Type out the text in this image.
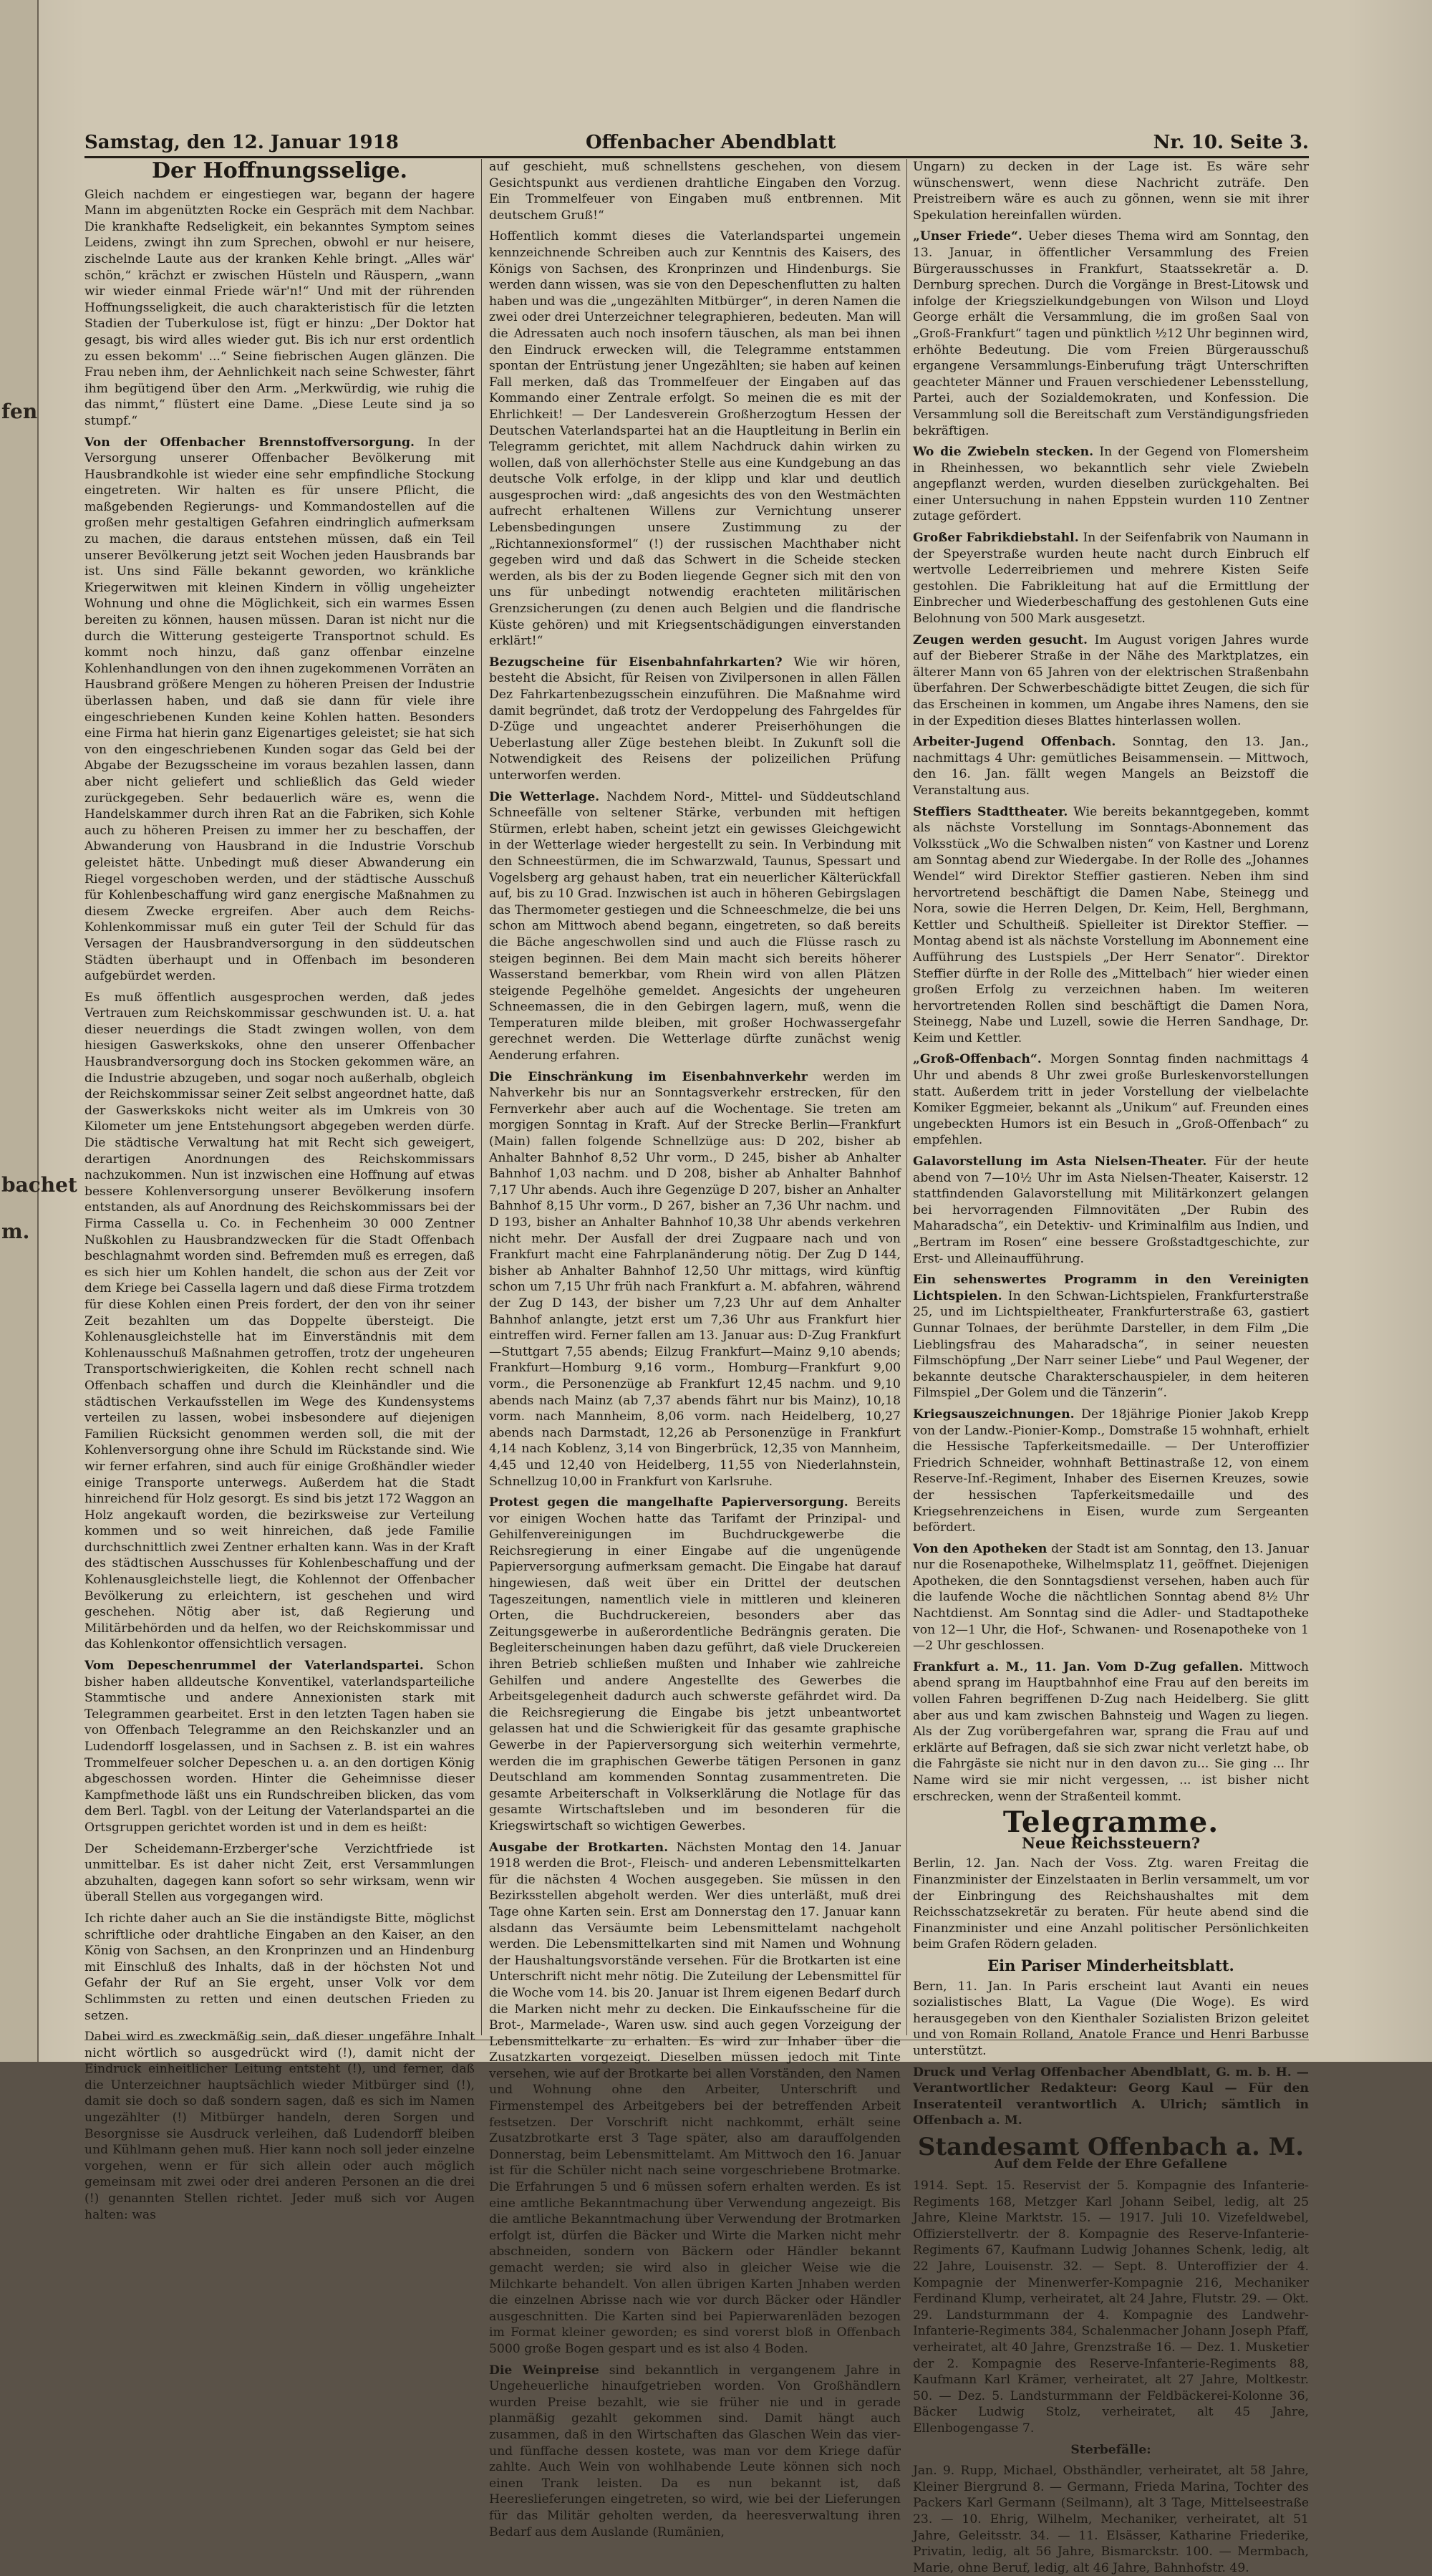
fen
bachet
m.
Samstag, den 12. Januar 1918	Offenbacher Abendblatt	Nr. 10. Seite 3.
Der Hoffnungsselige.

Gleich nachdem er eingestiegen war, begann der hagere Mann im abgenützten Rocke ein Gespräch mit dem Nachbar. Die krankhafte Redseligkeit, ein bekanntes Symptom seines Leidens, zwingt ihn zum Sprechen, obwohl er nur heisere, zischelnde Laute aus der kranken Kehle bringt. „Alles wär' schön,“ krächzt er zwischen Hüsteln und Räuspern, „wann wir wieder einmal Friede wär'n!“ Und mit der rührenden Hoffnungsseligkeit, die auch charakteristisch für die letzten Stadien der Tuberkulose ist, fügt er hinzu: „Der Doktor hat gesagt, bis wird alles wieder gut. Bis ich nur erst ordentlich zu essen bekomm' ...“ Seine fiebrischen Augen glänzen. Die Frau neben ihm, der Aehnlichkeit nach seine Schwester, fährt ihm begütigend über den Arm. „Merkwürdig, wie ruhig die das nimmt,“ flüstert eine Dame. „Diese Leute sind ja so stumpf.“

Von der Offenbacher Brennstoffversorgung. In der Versorgung unserer Offenbacher Bevölkerung mit Hausbrandkohle ist wieder eine sehr empfindliche Stockung eingetreten. Wir halten es für unsere Pflicht, die maßgebenden Regierungs- und Kommandostellen auf die großen mehr gestaltigen Gefahren eindringlich aufmerksam zu machen, die daraus entstehen müssen, daß ein Teil unserer Bevölkerung jetzt seit Wochen jeden Hausbrands bar ist. Uns sind Fälle bekannt geworden, wo kränkliche Kriegerwitwen mit kleinen Kindern in völlig ungeheizter Wohnung und ohne die Möglichkeit, sich ein warmes Essen bereiten zu können, hausen müssen. Daran ist nicht nur die durch die Witterung gesteigerte Transportnot schuld. Es kommt noch hinzu, daß ganz offenbar einzelne Kohlenhandlungen von den ihnen zugekommenen Vorräten an Hausbrand größere Mengen zu höheren Preisen der Industrie überlassen haben, und daß sie dann für viele ihre eingeschriebenen Kunden keine Kohlen hatten. Besonders eine Firma hat hierin ganz Eigenartiges geleistet; sie hat sich von den eingeschriebenen Kunden sogar das Geld bei der Abgabe der Bezugsscheine im voraus bezahlen lassen, dann aber nicht geliefert und schließlich das Geld wieder zurückgegeben. Sehr bedauerlich wäre es, wenn die Handelskammer durch ihren Rat an die Fabriken, sich Kohle auch zu höheren Preisen zu immer her zu beschaffen, der Abwanderung von Hausbrand in die Industrie Vorschub geleistet hätte. Unbedingt muß dieser Abwanderung ein Riegel vorgeschoben werden, und der städtische Ausschuß für Kohlenbeschaffung wird ganz energische Maßnahmen zu diesem Zwecke ergreifen. Aber auch dem Reichs-Kohlenkommissar muß ein guter Teil der Schuld für das Versagen der Hausbrandversorgung in den süddeutschen Städten überhaupt und in Offenbach im besonderen aufgebürdet werden.

Es muß öffentlich ausgesprochen werden, daß jedes Vertrauen zum Reichskommissar geschwunden ist. U. a. hat dieser neuerdings die Stadt zwingen wollen, von dem hiesigen Gaswerkskoks, ohne den unserer Offenbacher Hausbrandversorgung doch ins Stocken gekommen wäre, an die Industrie abzugeben, und sogar noch außerhalb, obgleich der Reichskommissar seiner Zeit selbst angeordnet hatte, daß der Gaswerkskoks nicht weiter als im Umkreis von 30 Kilometer um jene Entstehungsort abgegeben werden dürfe. Die städtische Verwaltung hat mit Recht sich geweigert, derartigen Anordnungen des Reichskommissars nachzukommen. Nun ist inzwischen eine Hoffnung auf etwas bessere Kohlenversorgung unserer Bevölkerung insofern entstanden, als auf Anordnung des Reichskommissars bei der Firma Cassella u. Co. in Fechenheim 30 000 Zentner Nußkohlen zu Hausbrandzwecken für die Stadt Offenbach beschlagnahmt worden sind. Befremden muß es erregen, daß es sich hier um Kohlen handelt, die schon aus der Zeit vor dem Kriege bei Cassella lagern und daß diese Firma trotzdem für diese Kohlen einen Preis fordert, der den von ihr seiner Zeit bezahlten um das Doppelte übersteigt. Die Kohlenausgleichstelle hat im Einverständnis mit dem Kohlenausschuß Maßnahmen getroffen, trotz der ungeheuren Transportschwierigkeiten, die Kohlen recht schnell nach Offenbach schaffen und durch die Kleinhändler und die städtischen Verkaufsstellen im Wege des Kundensystems verteilen zu lassen, wobei insbesondere auf diejenigen Familien Rücksicht genommen werden soll, die mit der Kohlenversorgung ohne ihre Schuld im Rückstande sind. Wie wir ferner erfahren, sind auch für einige Großhändler wieder einige Transporte unterwegs. Außerdem hat die Stadt hinreichend für Holz gesorgt. Es sind bis jetzt 172 Waggon an Holz angekauft worden, die bezirksweise zur Verteilung kommen und so weit hinreichen, daß jede Familie durchschnittlich zwei Zentner erhalten kann. Was in der Kraft des städtischen Ausschusses für Kohlenbeschaffung und der Kohlenausgleichstelle liegt, die Kohlennot der Offenbacher Bevölkerung zu erleichtern, ist geschehen und wird geschehen. Nötig aber ist, daß Regierung und Militärbehörden und da helfen, wo der Reichskommissar und das Kohlenkontor offensichtlich versagen.

Vom Depeschenrummel der Vaterlandspartei. Schon bisher haben alldeutsche Konventikel, vaterlandsparteiliche Stammtische und andere Annexionisten stark mit Telegrammen gearbeitet. Erst in den letzten Tagen haben sie von Offenbach Telegramme an den Reichskanzler und an Ludendorff losgelassen, und in Sachsen z. B. ist ein wahres Trommelfeuer solcher Depeschen u. a. an den dortigen König abgeschossen worden. Hinter die Geheimnisse dieser Kampfmethode läßt uns ein Rundschreiben blicken, das vom dem Berl. Tagbl. von der Leitung der Vaterlandspartei an die Ortsgruppen gerichtet worden ist und in dem es heißt:

Der Scheidemann-Erzberger'sche Verzichtfriede ist unmittelbar. Es ist daher nicht Zeit, erst Versammlungen abzuhalten, dagegen kann sofort so sehr wirksam, wenn wir überall Stellen aus vorgegangen wird.

Ich richte daher auch an Sie die inständigste Bitte, möglichst schriftliche oder drahtliche Eingaben an den Kaiser, an den König von Sachsen, an den Kronprinzen und an Hindenburg mit Einschluß des Inhalts, daß in der höchsten Not und Gefahr der Ruf an Sie ergeht, unser Volk vor dem Schlimmsten zu retten und einen deutschen Frieden zu setzen.

Dabei wird es zweckmäßig sein, daß dieser ungefähre Inhalt nicht wörtlich so ausgedrückt wird (!), damit nicht der Eindruck einheitlicher Leitung entsteht (!), und ferner, daß die Unterzeichner hauptsächlich wieder Mitbürger sind (!), damit sie doch so daß sondern sagen, daß es sich im Namen ungezählter (!) Mitbürger handeln, deren Sorgen und Besorgnisse sie Ausdruck verleihen, daß Ludendorff bleiben und Kühlmann gehen muß. Hier kann noch soll jeder einzelne vorgehen, wenn er für sich allein oder auch möglich gemeinsam mit zwei oder drei anderen Personen an die drei (!) genannten Stellen richtet. Jeder muß sich vor Augen halten: was

auf geschieht, muß schnellstens geschehen, von diesem Gesichtspunkt aus verdienen drahtliche Eingaben den Vorzug. Ein Trommelfeuer von Eingaben muß entbrennen. Mit deutschem Gruß!“

Hoffentlich kommt dieses die Vaterlandspartei ungemein kennzeichnende Schreiben auch zur Kenntnis des Kaisers, des Königs von Sachsen, des Kronprinzen und Hindenburgs. Sie werden dann wissen, was sie von den Depeschenflutten zu halten haben und was die „ungezählten Mitbürger“, in deren Namen die zwei oder drei Unterzeichner telegraphieren, bedeuten. Man will die Adressaten auch noch insofern täuschen, als man bei ihnen den Eindruck erwecken will, die Telegramme entstammen spontan der Entrüstung jener Ungezählten; sie haben auf keinen Fall merken, daß das Trommelfeuer der Eingaben auf das Kommando einer Zentrale erfolgt. So meinen die es mit der Ehrlichkeit! — Der Landesverein Großherzogtum Hessen der Deutschen Vaterlandspartei hat an die Hauptleitung in Berlin ein Telegramm gerichtet, mit allem Nachdruck dahin wirken zu wollen, daß von allerhöchster Stelle aus eine Kundgebung an das deutsche Volk erfolge, in der klipp und klar und deutlich ausgesprochen wird: „daß angesichts des von den Westmächten aufrecht erhaltenen Willens zur Vernichtung unserer Lebensbedingungen unsere Zustimmung zu der „Richtannexionsformel“ (!) der russischen Machthaber nicht gegeben wird und daß das Schwert in die Scheide stecken werden, als bis der zu Boden liegende Gegner sich mit den von uns für unbedingt notwendig erachteten militärischen Grenzsicherungen (zu denen auch Belgien und die flandrische Küste gehören) und mit Kriegsentschädigungen einverstanden erklärt!“

Bezugscheine für Eisenbahnfahrkarten? Wie wir hören, besteht die Absicht, für Reisen von Zivilpersonen in allen Fällen Dez Fahrkartenbezugsschein einzuführen. Die Maßnahme wird damit begründet, daß trotz der Verdoppelung des Fahrgeldes für D-Züge und ungeachtet anderer Preiserhöhungen die Ueberlastung aller Züge bestehen bleibt. In Zukunft soll die Notwendigkeit des Reisens der polizeilichen Prüfung unterworfen werden.

Die Wetterlage. Nachdem Nord-, Mittel- und Süddeutschland Schneefälle von seltener Stärke, verbunden mit heftigen Stürmen, erlebt haben, scheint jetzt ein gewisses Gleichgewicht in der Wetterlage wieder hergestellt zu sein. In Verbindung mit den Schneestürmen, die im Schwarzwald, Taunus, Spessart und Vogelsberg arg gehaust haben, trat ein neuerlicher Kälterückfall auf, bis zu 10 Grad. Inzwischen ist auch in höheren Gebirgslagen das Thermometer gestiegen und die Schneeschmelze, die bei uns schon am Mittwoch abend begann, eingetreten, so daß bereits die Bäche angeschwollen sind und auch die Flüsse rasch zu steigen beginnen. Bei dem Main macht sich bereits höherer Wasserstand bemerkbar, vom Rhein wird von allen Plätzen steigende Pegelhöhe gemeldet. Angesichts der ungeheuren Schneemassen, die in den Gebirgen lagern, muß, wenn die Temperaturen milde bleiben, mit großer Hochwassergefahr gerechnet werden. Die Wetterlage dürfte zunächst wenig Aenderung erfahren.

Die Einschränkung im Eisenbahnverkehr werden im Nahverkehr bis nur an Sonntagsverkehr erstrecken, für den Fernverkehr aber auch auf die Wochentage. Sie treten am morgigen Sonntag in Kraft. Auf der Strecke Berlin—Frankfurt (Main) fallen folgende Schnellzüge aus: D 202, bisher ab Anhalter Bahnhof 8,52 Uhr vorm., D 245, bisher ab Anhalter Bahnhof 1,03 nachm. und D 208, bisher ab Anhalter Bahnhof 7,17 Uhr abends. Auch ihre Gegenzüge D 207, bisher an Anhalter Bahnhof 8,15 Uhr vorm., D 267, bisher an 7,36 Uhr nachm. und D 193, bisher an Anhalter Bahnhof 10,38 Uhr abends verkehren nicht mehr. Der Ausfall der drei Zugpaare nach und von Frankfurt macht eine Fahrplanänderung nötig. Der Zug D 144, bisher ab Anhalter Bahnhof 12,50 Uhr mittags, wird künftig schon um 7,15 Uhr früh nach Frankfurt a. M. abfahren, während der Zug D 143, der bisher um 7,23 Uhr auf dem Anhalter Bahnhof anlangte, jetzt erst um 7,36 Uhr aus Frankfurt hier eintreffen wird. Ferner fallen am 13. Januar aus: D-Zug Frankfurt—Stuttgart 7,55 abends; Eilzug Frankfurt—Mainz 9,10 abends; Frankfurt—Homburg 9,16 vorm., Homburg—Frankfurt 9,00 vorm., die Personenzüge ab Frankfurt 12,45 nachm. und 9,10 abends nach Mainz (ab 7,37 abends fährt nur bis Mainz), 10,18 vorm. nach Mannheim, 8,06 vorm. nach Heidelberg, 10,27 abends nach Darmstadt, 12,26 ab Personenzüge in Frankfurt 4,14 nach Koblenz, 3,14 von Bingerbrück, 12,35 von Mannheim, 4,45 und 12,40 von Heidelberg, 11,55 von Niederlahnstein, Schnellzug 10,00 in Frankfurt von Karlsruhe.

Protest gegen die mangelhafte Papierversorgung. Bereits vor einigen Wochen hatte das Tarifamt der Prinzipal- und Gehilfenvereinigungen im Buchdruckgewerbe die Reichsregierung in einer Eingabe auf die ungenügende Papierversorgung aufmerksam gemacht. Die Eingabe hat darauf hingewiesen, daß weit über ein Drittel der deutschen Tageszeitungen, namentlich viele in mittleren und kleineren Orten, die Buchdruckereien, besonders aber das Zeitungsgewerbe in außerordentliche Bedrängnis geraten. Die Begleiterscheinungen haben dazu geführt, daß viele Druckereien ihren Betrieb schließen mußten und Inhaber wie zahlreiche Gehilfen und andere Angestellte des Gewerbes die Arbeitsgelegenheit dadurch auch schwerste gefährdet wird. Da die Reichsregierung die Eingabe bis jetzt unbeantwortet gelassen hat und die Schwierigkeit für das gesamte graphische Gewerbe in der Papierversorgung sich weiterhin vermehrte, werden die im graphischen Gewerbe tätigen Personen in ganz Deutschland am kommenden Sonntag zusammentreten. Die gesamte Arbeiterschaft in Volkserklärung die Notlage für das gesamte Wirtschaftsleben und im besonderen für die Kriegswirtschaft so wichtigen Gewerbes.

Ausgabe der Brotkarten. Nächsten Montag den 14. Januar 1918 werden die Brot-, Fleisch- und anderen Lebensmittelkarten für die nächsten 4 Wochen ausgegeben. Sie müssen in den Bezirksstellen abgeholt werden. Wer dies unterläßt, muß drei Tage ohne Karten sein. Erst am Donnerstag den 17. Januar kann alsdann das Versäumte beim Lebensmittelamt nachgeholt werden. Die Lebensmittelkarten sind mit Namen und Wohnung der Haushaltungsvorstände versehen. Für die Brotkarten ist eine Unterschrift nicht mehr nötig. Die Zuteilung der Lebensmittel für die Woche vom 14. bis 20. Januar ist Ihrem eigenen Bedarf durch die Marken nicht mehr zu decken. Die Einkaufsscheine für die Brot-, Marmelade-, Waren usw. sind auch gegen Vorzeigung der Lebensmittelkarte zu erhalten. Es wird zur Inhaber über die Zusatzkarten vorgezeigt. Dieselben müssen jedoch mit Tinte versehen, wie auf der Brotkarte bei allen Vorständen, den Namen und Wohnung ohne den Arbeiter, Unterschrift und Firmenstempel des Arbeitgebers bei der betreffenden Arbeit festsetzen. Der Vorschrift nicht nachkommt, erhält seine Zusatzbrotkarte erst 3 Tage später, also am darauffolgenden Donnerstag, beim Lebensmittelamt. Am Mittwoch den 16. Januar ist für die Schüler nicht nach seine vorgeschriebene Brotmarke. Die Erfahrungen 5 und 6 müssen sofern erhalten werden. Es ist eine amtliche Bekanntmachung über Verwendung angezeigt. Bis die amtliche Bekanntmachung über Verwendung der Brotmarken erfolgt ist, dürfen die Bäcker und Wirte die Marken nicht mehr abschneiden, sondern von Bäckern oder Händler bekannt gemacht werden; sie wird also in gleicher Weise wie die Milchkarte behandelt. Von allen übrigen Karten Jnhaben werden die einzelnen Abrisse nach wie vor durch Bäcker oder Händler ausgeschnitten. Die Karten sind bei Papierwarenläden bezogen im Format kleiner geworden; es sind vorerst bloß in Offenbach 5000 große Bogen gespart und es ist also 4 Boden.

Die Weinpreise sind bekanntlich in vergangenem Jahre in Ungeheuerliche hinaufgetrieben worden. Von Großhändlern wurden Preise bezahlt, wie sie früher nie und in gerade planmäßig gezahlt gekommen sind. Damit hängt auch zusammen, daß in den Wirtschaften das Glaschen Wein das vier- und fünffache dessen kostete, was man vor dem Kriege dafür zahlte. Auch Wein von wohlhabende Leute können sich noch einen Trank leisten. Da es nun bekannt ist, daß Heereslieferungen eingetreten, so wird, wie bei der Lieferungen für das Militär geholten werden, da heeresverwaltung ihren Bedarf aus dem Auslande (Rumänien,

Ungarn) zu decken in der Lage ist. Es wäre sehr wünschenswert, wenn diese Nachricht zuträfe. Den Preistreibern wäre es auch zu gönnen, wenn sie mit ihrer Spekulation hereinfallen würden.

„Unser Friede“. Ueber dieses Thema wird am Sonntag, den 13. Januar, in öffentlicher Versammlung des Freien Bürgerausschusses in Frankfurt, Staatssekretär a. D. Dernburg sprechen. Durch die Vorgänge in Brest-Litowsk und infolge der Kriegszielkundgebungen von Wilson und Lloyd George erhält die Versammlung, die im großen Saal von „Groß-Frankfurt“ tagen und pünktlich ½12 Uhr beginnen wird, erhöhte Bedeutung. Die vom Freien Bürgerausschuß ergangene Versammlungs-Einberufung trägt Unterschriften geachteter Männer und Frauen verschiedener Lebensstellung, Partei, auch der Sozialdemokraten, und Konfession. Die Versammlung soll die Bereitschaft zum Verständigungsfrieden bekräftigen.

Wo die Zwiebeln stecken. In der Gegend von Flomersheim in Rheinhessen, wo bekanntlich sehr viele Zwiebeln angepflanzt werden, wurden dieselben zurückgehalten. Bei einer Untersuchung in nahen Eppstein wurden 110 Zentner zutage gefördert.

Großer Fabrikdiebstahl. In der Seifenfabrik von Naumann in der Speyerstraße wurden heute nacht durch Einbruch elf wertvolle Lederreibriemen und mehrere Kisten Seife gestohlen. Die Fabrikleitung hat auf die Ermittlung der Einbrecher und Wiederbeschaffung des gestohlenen Guts eine Belohnung von 500 Mark ausgesetzt.

Zeugen werden gesucht. Im August vorigen Jahres wurde auf der Bieberer Straße in der Nähe des Marktplatzes, ein älterer Mann von 65 Jahren von der elektrischen Straßenbahn überfahren. Der Schwerbeschädigte bittet Zeugen, die sich für das Erscheinen in kommen, um Angabe ihres Namens, den sie in der Expedition dieses Blattes hinterlassen wollen.

Arbeiter-Jugend Offenbach. Sonntag, den 13. Jan., nachmittags 4 Uhr: gemütliches Beisammensein. — Mittwoch, den 16. Jan. fällt wegen Mangels an Beizstoff die Veranstaltung aus.

Steffiers Stadttheater. Wie bereits bekanntgegeben, kommt als nächste Vorstellung im Sonntags-Abonnement das Volksstück „Wo die Schwalben nisten“ von Kastner und Lorenz am Sonntag abend zur Wiedergabe. In der Rolle des „Johannes Wendel“ wird Direktor Steffier gastieren. Neben ihm sind hervortretend beschäftigt die Damen Nabe, Steinegg und Nora, sowie die Herren Delgen, Dr. Keim, Hell, Berghmann, Kettler und Schultheiß. Spielleiter ist Direktor Steffier. — Montag abend ist als nächste Vorstellung im Abonnement eine Aufführung des Lustspiels „Der Herr Senator“. Direktor Steffier dürfte in der Rolle des „Mittelbach“ hier wieder einen großen Erfolg zu verzeichnen haben. Im weiteren hervortretenden Rollen sind beschäftigt die Damen Nora, Steinegg, Nabe und Luzell, sowie die Herren Sandhage, Dr. Keim und Kettler.

„Groß-Offenbach“. Morgen Sonntag finden nachmittags 4 Uhr und abends 8 Uhr zwei große Burleskenvorstellungen statt. Außerdem tritt in jeder Vorstellung der vielbelachte Komiker Eggmeier, bekannt als „Unikum“ auf. Freunden eines ungebeckten Humors ist ein Besuch in „Groß-Offenbach“ zu empfehlen.

Galavorstellung im Asta Nielsen-Theater. Für der heute abend von 7—10½ Uhr im Asta Nielsen-Theater, Kaiserstr. 12 stattfindenden Galavorstellung mit Militärkonzert gelangen bei hervorragenden Filmnovitäten „Der Rubin des Maharadscha“, ein Detektiv- und Kriminalfilm aus Indien, und „Bertram im Rosen“ eine bessere Großstadtgeschichte, zur Erst- und Alleinaufführung.

Ein sehenswertes Programm in den Vereinigten Lichtspielen. In den Schwan-Lichtspielen, Frankfurterstraße 25, und im Lichtspieltheater, Frankfurterstraße 63, gastiert Gunnar Tolnaes, der berühmte Darsteller, in dem Film „Die Lieblingsfrau des Maharadscha“, in seiner neuesten Filmschöpfung „Der Narr seiner Liebe“ und Paul Wegener, der bekannte deutsche Charakterschauspieler, in dem heiteren Filmspiel „Der Golem und die Tänzerin“.

Kriegsauszeichnungen. Der 18jährige Pionier Jakob Krepp von der Landw.-Pionier-Komp., Domstraße 15 wohnhaft, erhielt die Hessische Tapferkeitsmedaille. — Der Unteroffizier Friedrich Schneider, wohnhaft Bettinastraße 12, von einem Reserve-Inf.-Regiment, Inhaber des Eisernen Kreuzes, sowie der hessischen Tapferkeitsmedaille und des Kriegsehrenzeichens in Eisen, wurde zum Sergeanten befördert.

Von den Apotheken der Stadt ist am Sonntag, den 13. Januar nur die Rosenapotheke, Wilhelmsplatz 11, geöffnet. Diejenigen Apotheken, die den Sonntagsdienst versehen, haben auch für die laufende Woche die nächtlichen Sonntag abend 8½ Uhr Nachtdienst. Am Sonntag sind die Adler- und Stadtapotheke von 12—1 Uhr, die Hof-, Schwanen- und Rosenapotheke von 1—2 Uhr geschlossen.

Frankfurt a. M., 11. Jan. Vom D-Zug gefallen. Mittwoch abend sprang im Hauptbahnhof eine Frau auf den bereits im vollen Fahren begriffenen D-Zug nach Heidelberg. Sie glitt aber aus und kam zwischen Bahnsteig und Wagen zu liegen. Als der Zug vorübergefahren war, sprang die Frau auf und erklärte auf Befragen, daß sie sich zwar nicht verletzt habe, ob die Fahrgäste sie nicht nur in den davon zu... Sie ging ... Ihr Name wird sie mir nicht vergessen, ... ist bisher nicht erschrecken, wenn der Straßenteil kommt.

Telegramme.
Neue Reichssteuern?

Berlin, 12. Jan. Nach der Voss. Ztg. waren Freitag die Finanzminister der Einzelstaaten in Berlin versammelt, um vor der Einbringung des Reichshaushaltes mit dem Reichsschatzsekretär zu beraten. Für heute abend sind die Finanzminister und eine Anzahl politischer Persönlichkeiten beim Grafen Rödern geladen.

Ein Pariser Minderheitsblatt.

Bern, 11. Jan. In Paris erscheint laut Avanti ein neues sozialistisches Blatt, La Vague (Die Woge). Es wird herausgegeben von den Kienthaler Sozialisten Brizon geleitet und von Romain Rolland, Anatole France und Henri Barbusse unterstützt.

Druck und Verlag Offenbacher Abendblatt, G. m. b. H. — Verantwortlicher Redakteur: Georg Kaul — Für den Inseratenteil verantwortlich A. Ulrich; sämtlich in Offenbach a. M.

Standesamt Offenbach a. M.

Auf dem Felde der Ehre Gefallene

1914. Sept. 15. Reservist der 5. Kompagnie des Infanterie-Regiments 168, Metzger Karl Johann Seibel, ledig, alt 25 Jahre, Kleine Marktstr. 15. — 1917. Juli 10. Vizefeldwebel, Offizierstellvertr. der 8. Kompagnie des Reserve-Infanterie-Regiments 67, Kaufmann Ludwig Johannes Schenk, ledig, alt 22 Jahre, Louisenstr. 32. — Sept. 8. Unteroffizier der 4. Kompagnie der Minenwerfer-Kompagnie 216, Mechaniker Ferdinand Klump, verheiratet, alt 24 Jahre, Flutstr. 29. — Okt. 29. Landsturmmann der 4. Kompagnie des Landwehr-Infanterie-Regiments 384, Schalenmacher Johann Joseph Pfaff, verheiratet, alt 40 Jahre, Grenzstraße 16. — Dez. 1. Musketier der 2. Kompagnie des Reserve-Infanterie-Regiments 88, Kaufmann Karl Krämer, verheiratet, alt 27 Jahre, Moltkestr. 50. — Dez. 5. Landsturmmann der Feldbäckerei-Kolonne 36, Bäcker Ludwig Stolz, verheiratet, alt 45 Jahre, Ellenbogengasse 7.

Sterbefälle:

Jan. 9. Rupp, Michael, Obsthändler, verheiratet, alt 58 Jahre, Kleiner Biergrund 8. — Germann, Frieda Marina, Tochter des Packers Karl Germann (Seilmann), alt 3 Tage, Mittelseestraße 23. — 10. Ehrig, Wilhelm, Mechaniker, verheiratet, alt 51 Jahre, Geleitsstr. 34. — 11. Elsässer, Katharine Friederike, Privatin, ledig, alt 56 Jahre, Bismarckstr. 100. — Mermbach, Marie, ohne Beruf, ledig, alt 46 Jahre, Bahnhofstr. 49.
